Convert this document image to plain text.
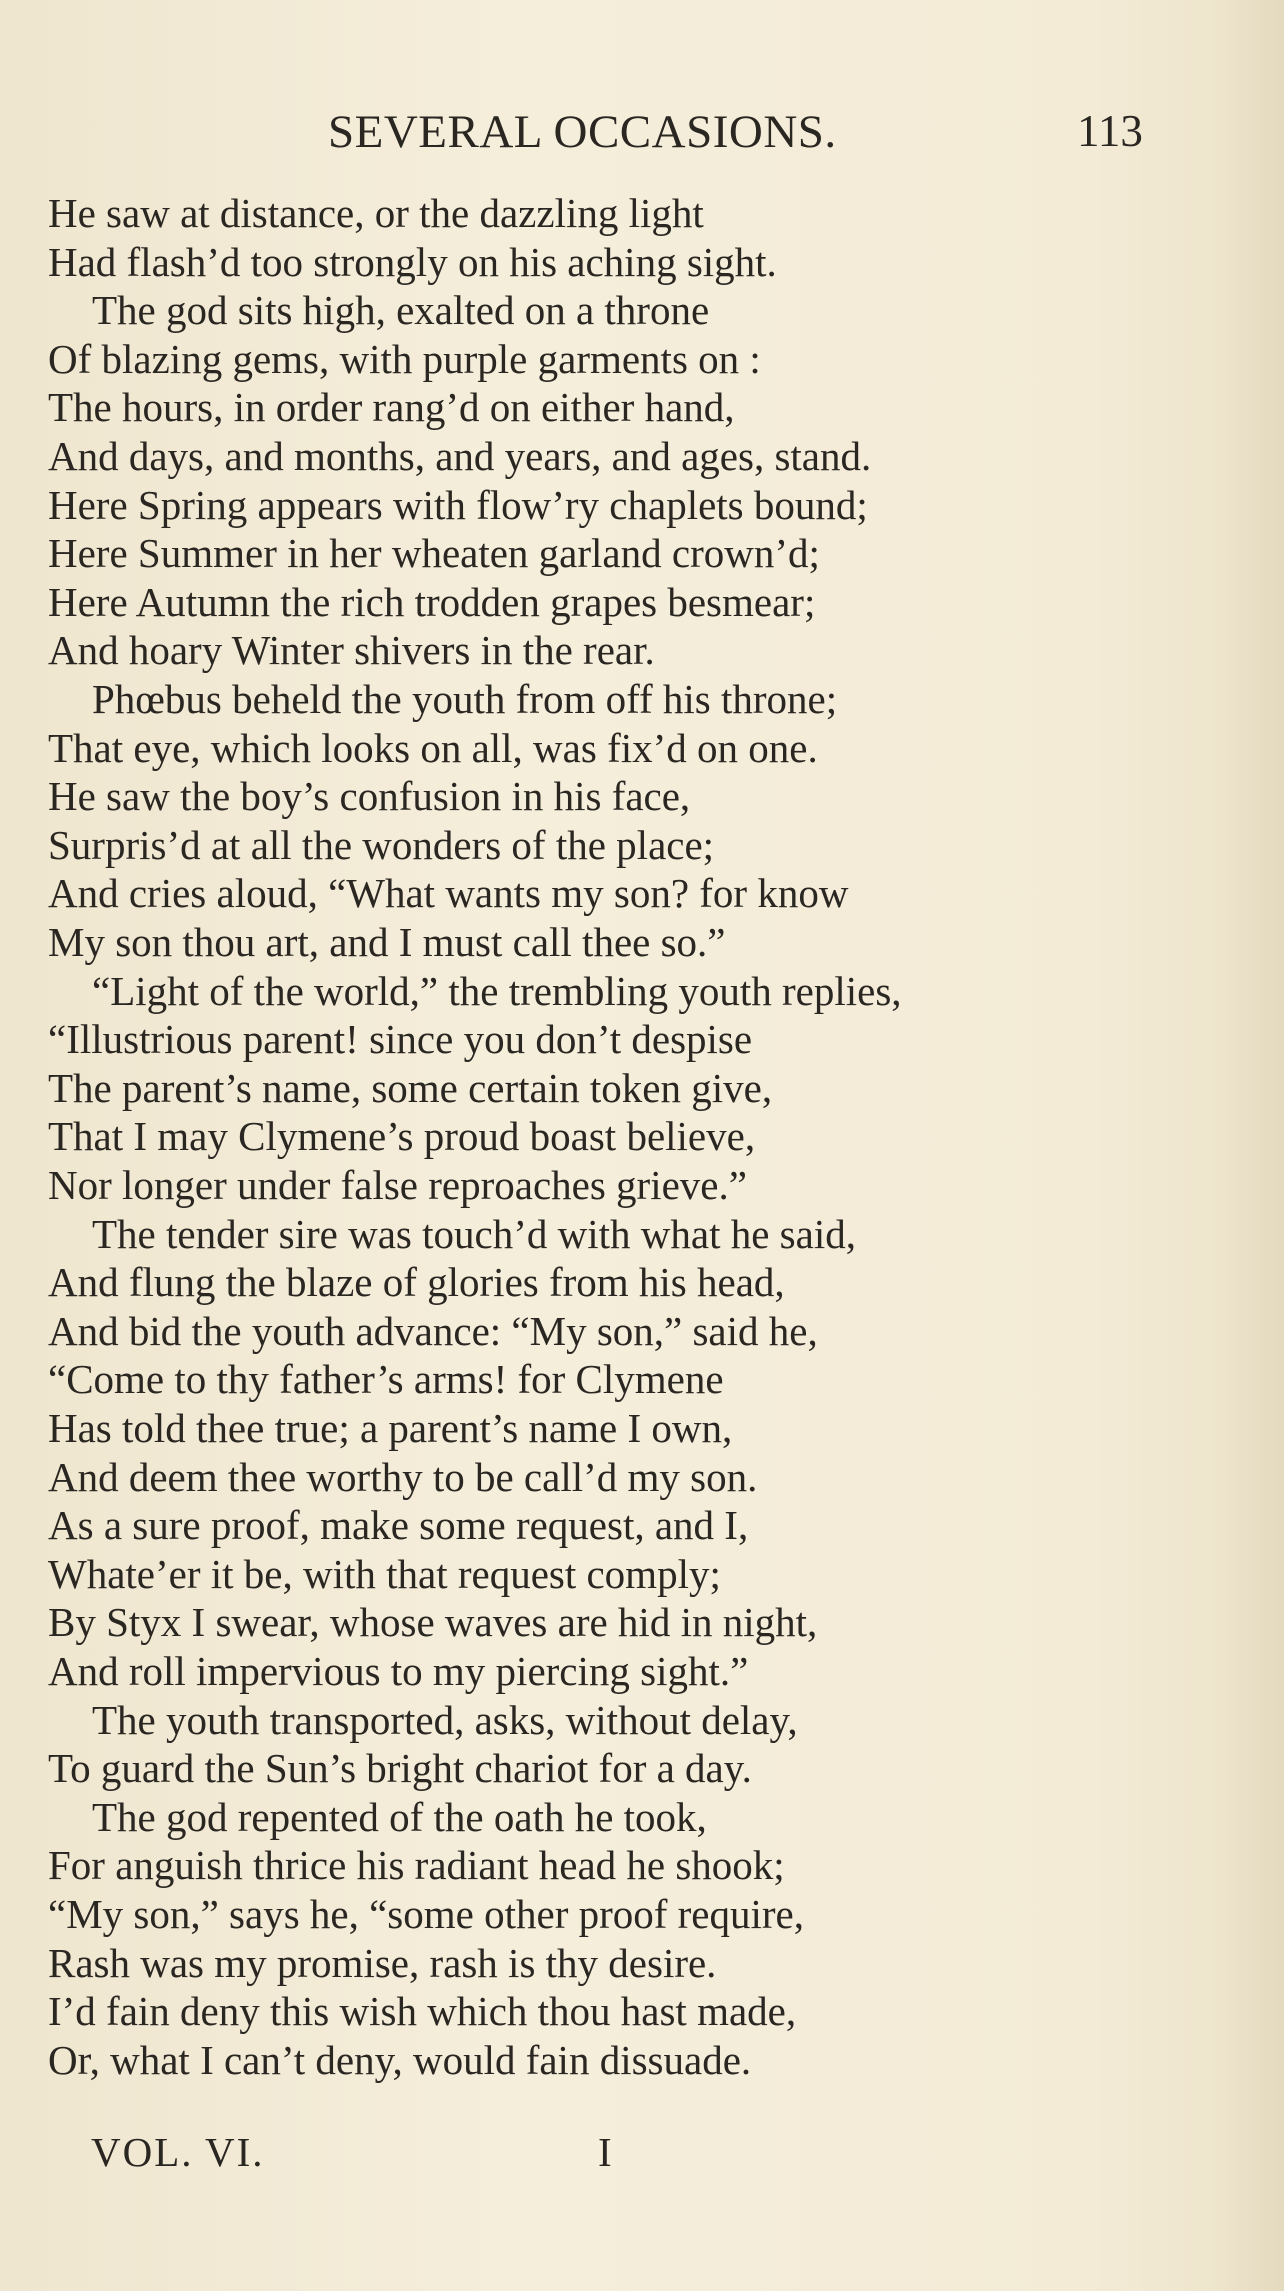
SEVERAL OCCASIONS.	113
He saw at distance, or the dazzling light
Had flash’d too strongly on his aching sight.
The god sits high, exalted on a throne
Of blazing gems, with purple garments on :
The hours, in order rang’d on either hand,
And days, and months, and years, and ages, stand.
Here Spring appears with flow’ry chaplets bound;
Here Summer in her wheaten garland crown’d;
Here Autumn the rich trodden grapes besmear;
And hoary Winter shivers in the rear.
Phœbus beheld the youth from off his throne;
That eye, which looks on all, was fix’d on one.
He saw the boy’s confusion in his face,
Surpris’d at all the wonders of the place;
And cries aloud, “What wants my son? for know
My son thou art, and I must call thee so.”
“Light of the world,” the trembling youth replies,
“Illustrious parent! since you don’t despise
The parent’s name, some certain token give,
That I may Clymene’s proud boast believe,
Nor longer under false reproaches grieve.”
The tender sire was touch’d with what he said,
And flung the blaze of glories from his head,
And bid the youth advance: “My son,” said he,
“Come to thy father’s arms! for Clymene
Has told thee true; a parent’s name I own,
And deem thee worthy to be call’d my son.
As a sure proof, make some request, and I,
Whate’er it be, with that request comply;
By Styx I swear, whose waves are hid in night,
And roll impervious to my piercing sight.”
The youth transported, asks, without delay,
To guard the Sun’s bright chariot for a day.
The god repented of the oath he took,
For anguish thrice his radiant head he shook;
“My son,” says he, “some other proof require,
Rash was my promise, rash is thy desire.
I’d fain deny this wish which thou hast made,
Or, what I can’t deny, would fain dissuade.
VOL. VI.	I
